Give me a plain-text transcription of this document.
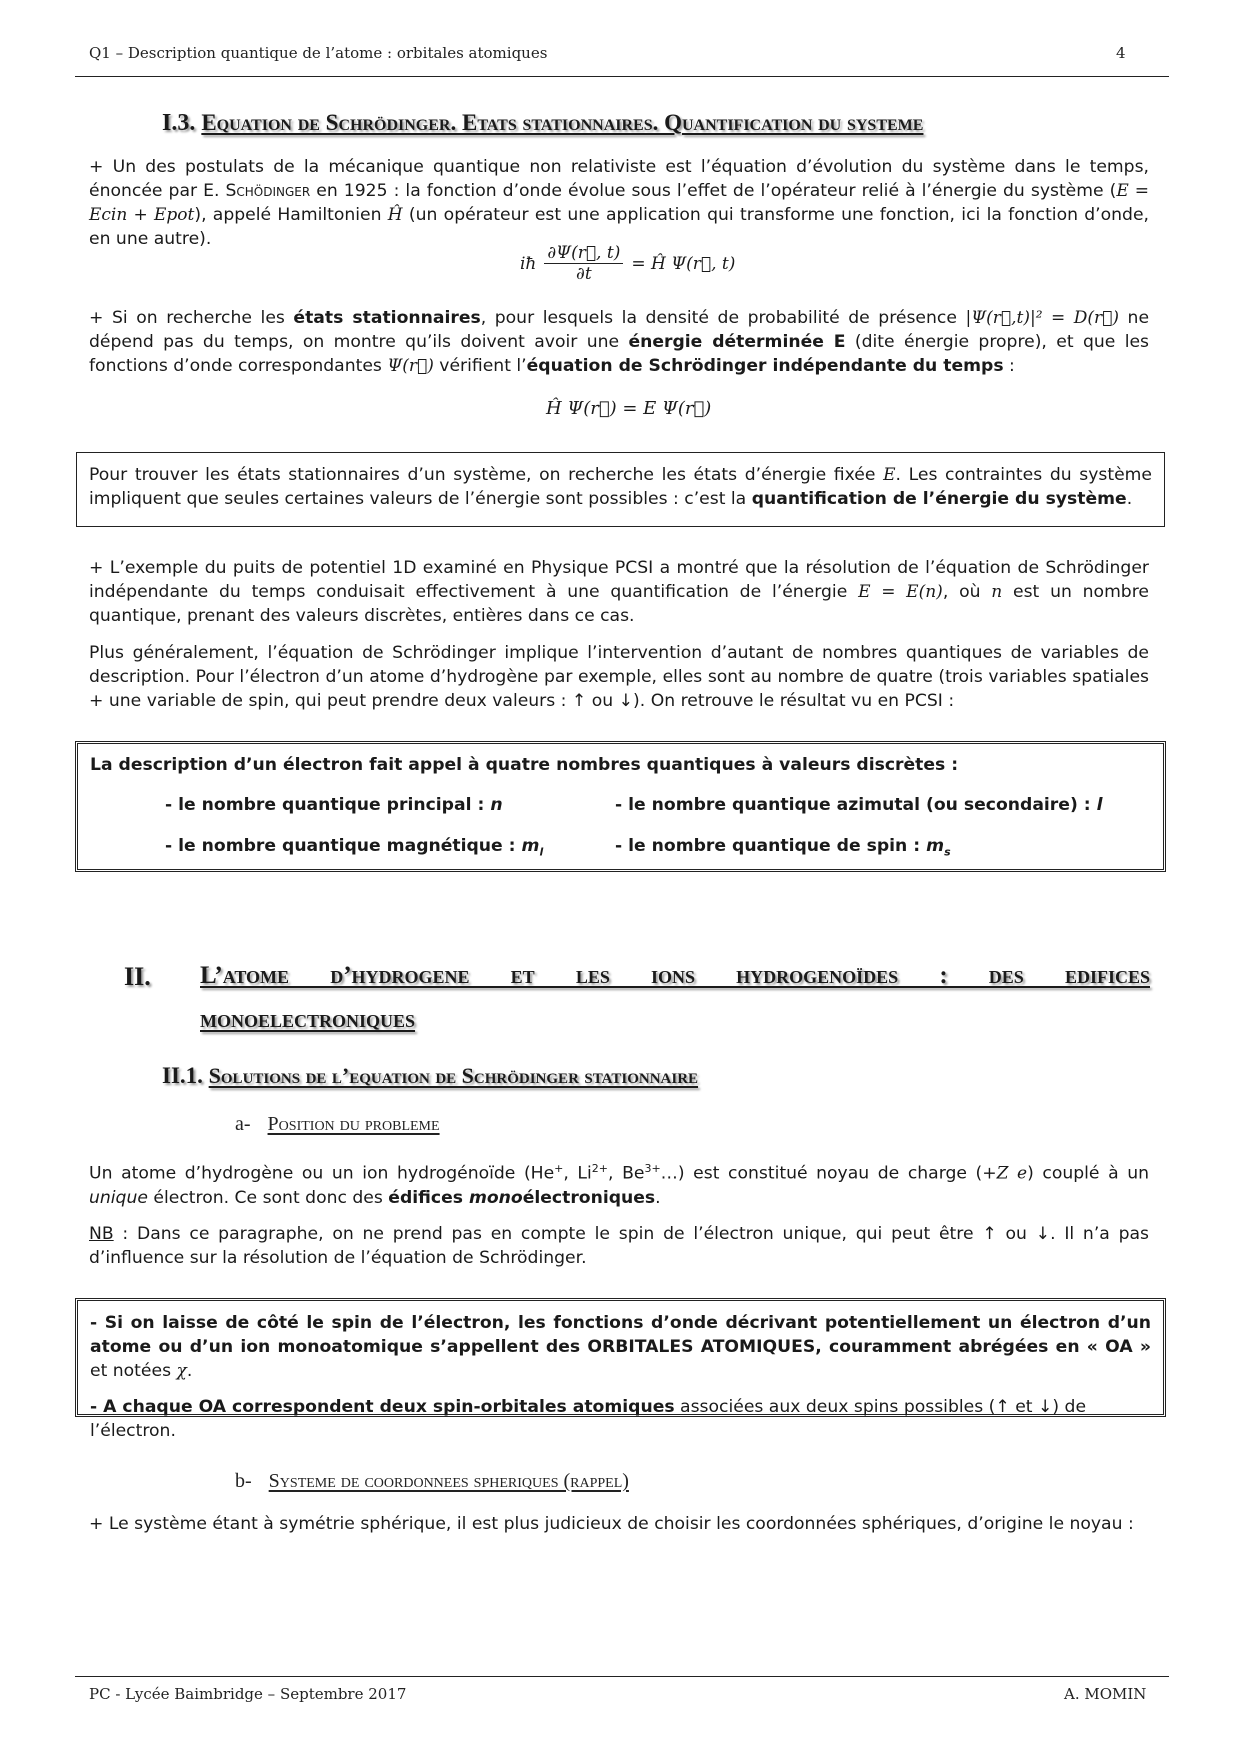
Q1 – Description quantique de l’atome : orbitales atomiques	4
I.3. Equation de Schrödinger. Etats stationnaires. Quantification du systeme
+ Un des postulats de la mécanique quantique non relativiste est l’équation d’évolution du système dans le temps, énoncée par E. Schödinger en 1925 : la fonction d’onde évolue sous l’effet de l’opérateur relié à l’énergie du système (E = Ecin + Epot), appelé Hamiltonien Ĥ (un opérateur est une application qui transforme une fonction, ici la fonction d’onde, en une autre).
iħ $\frac{\partial\Psi(r⃗, t)}{\partial t}$ = Ĥ Ψ(r⃗, t)
+ Si on recherche les états stationnaires, pour lesquels la densité de probabilité de présence |Ψ(r⃗,t)|² = D(r⃗) ne dépend pas du temps, on montre qu’ils doivent avoir une énergie déterminée E (dite énergie propre), et que les fonctions d’onde correspondantes Ψ(r⃗) vérifient l’équation de Schrödinger indépendante du temps :
Ĥ Ψ(r⃗) = E Ψ(r⃗)
Pour trouver les états stationnaires d’un système, on recherche les états d’énergie fixée E. Les contraintes du système impliquent que seules certaines valeurs de l’énergie sont possibles : c’est la quantification de l’énergie du système.
+ L’exemple du puits de potentiel 1D examiné en Physique PCSI a montré que la résolution de l’équation de Schrödinger indépendante du temps conduisait effectivement à une quantification de l’énergie E = E(n), où n est un nombre quantique, prenant des valeurs discrètes, entières dans ce cas.
Plus généralement, l’équation de Schrödinger implique l’intervention d’autant de nombres quantiques de variables de description. Pour l’électron d’un atome d’hydrogène par exemple, elles sont au nombre de quatre (trois variables spatiales + une variable de spin, qui peut prendre deux valeurs : ↑ ou ↓). On retrouve le résultat vu en PCSI :
La description d’un électron fait appel à quatre nombres quantiques à valeurs discrètes :
- le nombre quantique principal : n	- le nombre quantique azimutal (ou secondaire) : l
- le nombre quantique magnétique : $m_l$	- le nombre quantique de spin : $m_s$
II. L’atome d’hydrogene et les ions hydrogenoïdes : des edifices
monoelectroniques
II.1. Solutions de l’equation de Schrödinger stationnaire
a- Position du probleme
Un atome d’hydrogène ou un ion hydrogénoïde (He+, $Li^{2+}$, $Be^{3+}\dots$) est constitué noyau de charge (+Z e) couplé à un unique électron. Ce sont donc des édifices monoélectroniques.
NB : Dans ce paragraphe, on ne prend pas en compte le spin de l’électron unique, qui peut être ↑ ou ↓. Il n’a pas d’influence sur la résolution de l’équation de Schrödinger.
- Si on laisse de côté le spin de l’électron, les fonctions d’onde décrivant potentiellement un électron d’un atome ou d’un ion monoatomique s’appellent des ORBITALES ATOMIQUES, couramment abrégées en « OA » et notées χ.
- A chaque OA correspondent deux spin-orbitales atomiques associées aux deux spins possibles (↑ et ↓) de l’électron.
b- Systeme de coordonnees spheriques (rappel)
+ Le système étant à symétrie sphérique, il est plus judicieux de choisir les coordonnées sphériques, d’origine le noyau :
PC - Lycée Baimbridge – Septembre 2017	A. MOMIN
